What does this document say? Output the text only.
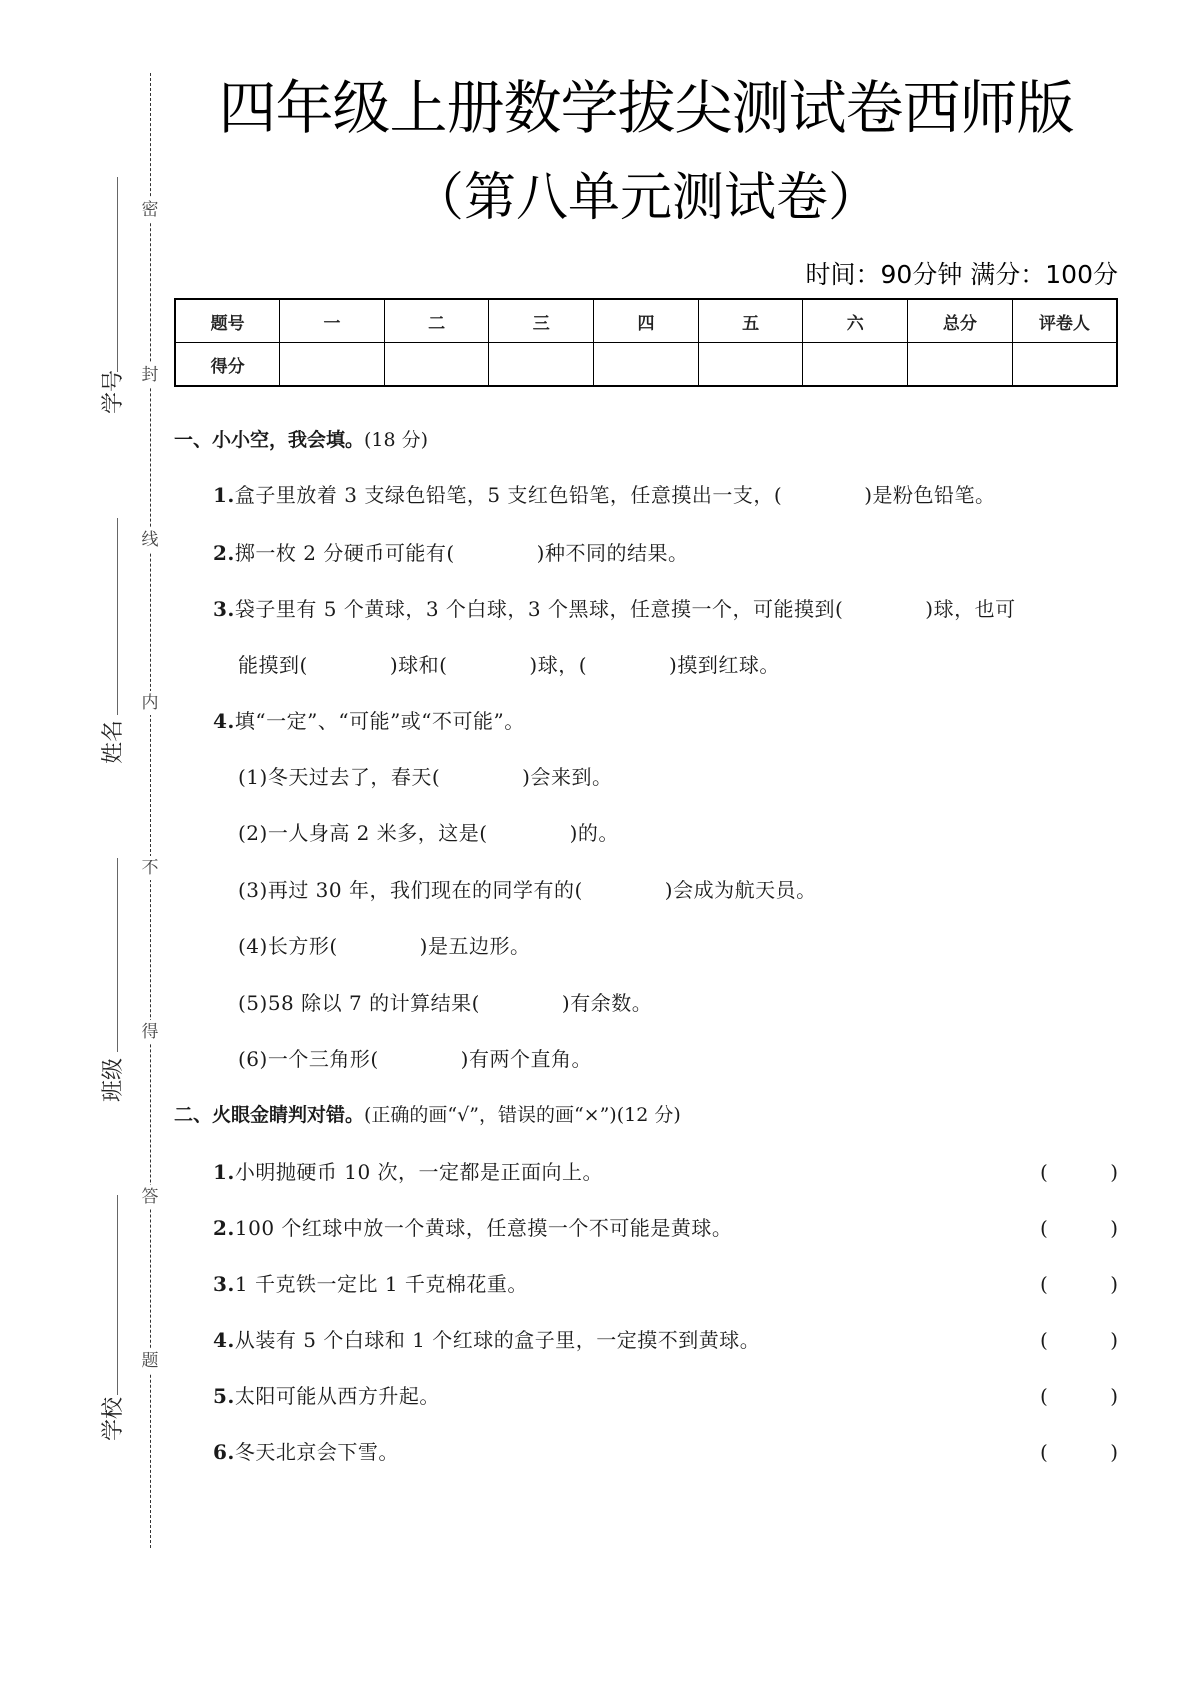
密
封
线
内
不
得
答
题
学号
姓名
班级
学校
四年级上册数学拔尖测试卷西师版
（第八单元测试卷）
时间：90分钟 满分：100分
题号	一	二	三	四	五	六	总分	评卷人
得分								
一、小小空，我会填。(18 分)
1.盒子里放着 3 支绿色铅笔，5 支红色铅笔，任意摸出一支，(	)是粉色铅笔。
2.掷一枚 2 分硬币可能有(	)种不同的结果。
3.袋子里有 5 个黄球，3 个白球，3 个黑球，任意摸一个，可能摸到(	)球，也可
能摸到(	)球和(	)球，(	)摸到红球。
4.填“一定”、“可能”或“不可能”。
(1)冬天过去了，春天(	)会来到。
(2)一人身高 2 米多，这是(	)的。
(3)再过 30 年，我们现在的同学有的(	)会成为航天员。
(4)长方形(	)是五边形。
(5)58 除以 7 的计算结果(	)有余数。
(6)一个三角形(	)有两个直角。
二、火眼金睛判对错。(正确的画“√”，错误的画“×”)(12 分)
1.小明抛硬币 10 次，一定都是正面向上。	(	)
2.100 个红球中放一个黄球，任意摸一个不可能是黄球。	(	)
3.1 千克铁一定比 1 千克棉花重。	(	)
4.从装有 5 个白球和 1 个红球的盒子里，一定摸不到黄球。	(	)
5.太阳可能从西方升起。	(	)
6.冬天北京会下雪。	(	)
